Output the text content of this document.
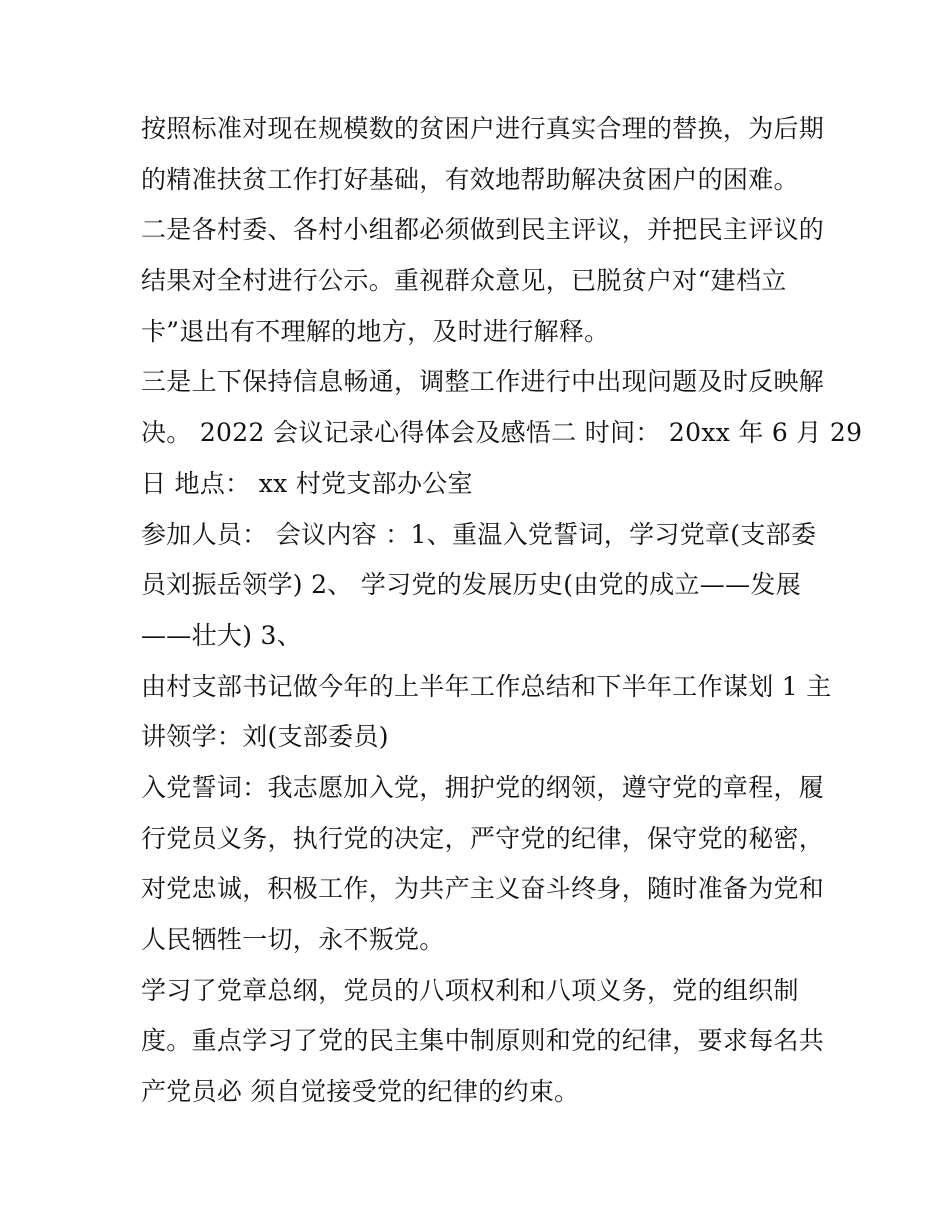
按照标准对现在规模数的贫困户进行真实合理的替换，为后期
的精准扶贫工作打好基础，有效地帮助解决贫困户的困难。
二是各村委、各村小组都必须做到民主评议，并把民主评议的
结果对全村进行公示。重视群众意见，已脱贫户对“建档立
卡”退出有不理解的地方，及时进行解释。
三是上下保持信息畅通，调整工作进行中出现问题及时反映解
决。 2022 会议记录心得体会及感悟二 时间： 20xx 年 6 月 29
日 地点： xx 村党支部办公室
参加人员： 会议内容 ：1、重温入党誓词，学习党章(支部委
员刘振岳领学) 2、 学习党的发展历史(由党的成立——发展
——壮大) 3、
由村支部书记做今年的上半年工作总结和下半年工作谋划 1 主
讲领学：刘(支部委员)
入党誓词：我志愿加入党，拥护党的纲领，遵守党的章程，履
行党员义务，执行党的决定，严守党的纪律，保守党的秘密，
对党忠诚，积极工作，为共产主义奋斗终身，随时准备为党和
人民牺牲一切，永不叛党。
学习了党章总纲，党员的八项权利和八项义务，党的组织制
度。重点学习了党的民主集中制原则和党的纪律，要求每名共
产党员必 须自觉接受党的纪律的约束。
